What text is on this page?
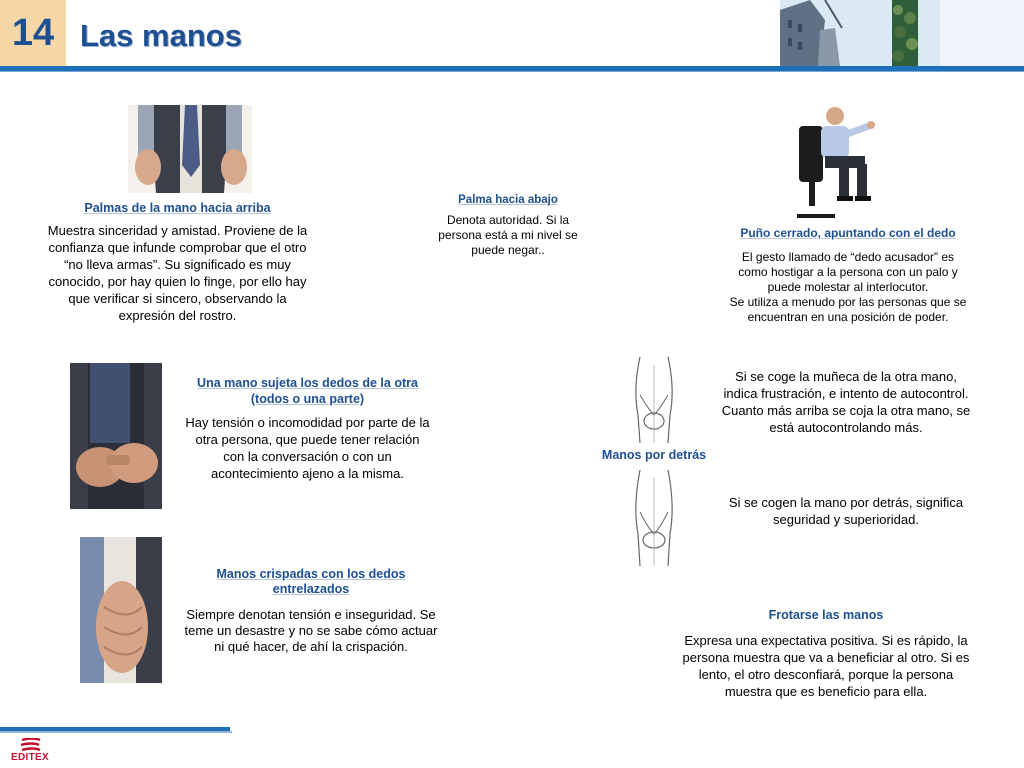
14 Las manos
Palmas de la mano hacia arriba
Muestra sinceridad y amistad. Proviene de la confianza que infunde comprobar que el otro “no lleva armas”. Su significado es muy conocido, por hay quien lo finge, por ello hay que verificar si sincero, observando la expresión del rostro.
Palma hacia abajo
Denota autoridad. Si la persona está a mi nivel se puede negar..
Puño cerrado, apuntando con el dedo
El gesto llamado de “dedo acusador” es como hostigar a la persona con un palo y puede molestar al interlocutor.
Se utiliza a menudo por las personas que se encuentran en una posición de poder.
Una mano sujeta los dedos de la otra (todos o una parte)
Hay tensión o incomodidad por parte de la otra persona, que puede tener relación con la conversación o con un acontecimiento ajeno a la misma.
Manos por detrás
Si se coge la muñeca de la otra mano, indica frustración, e intento de autocontrol. Cuanto más arriba se coja la otra mano, se está autocontrolando más.
Si se cogen la mano por detrás, significa seguridad y superioridad.
Manos crispadas con los dedos entrelazados
Siempre denotan tensión e inseguridad. Se teme un desastre y no se sabe cómo actuar ni qué hacer, de ahí la crispación.
Frotarse las manos
Expresa una expectativa positiva. Si es rápido, la persona muestra que va a beneficiar al otro. Si es lento, el otro desconfiará, porque la persona muestra que es beneficio para ella.
EDITEX
